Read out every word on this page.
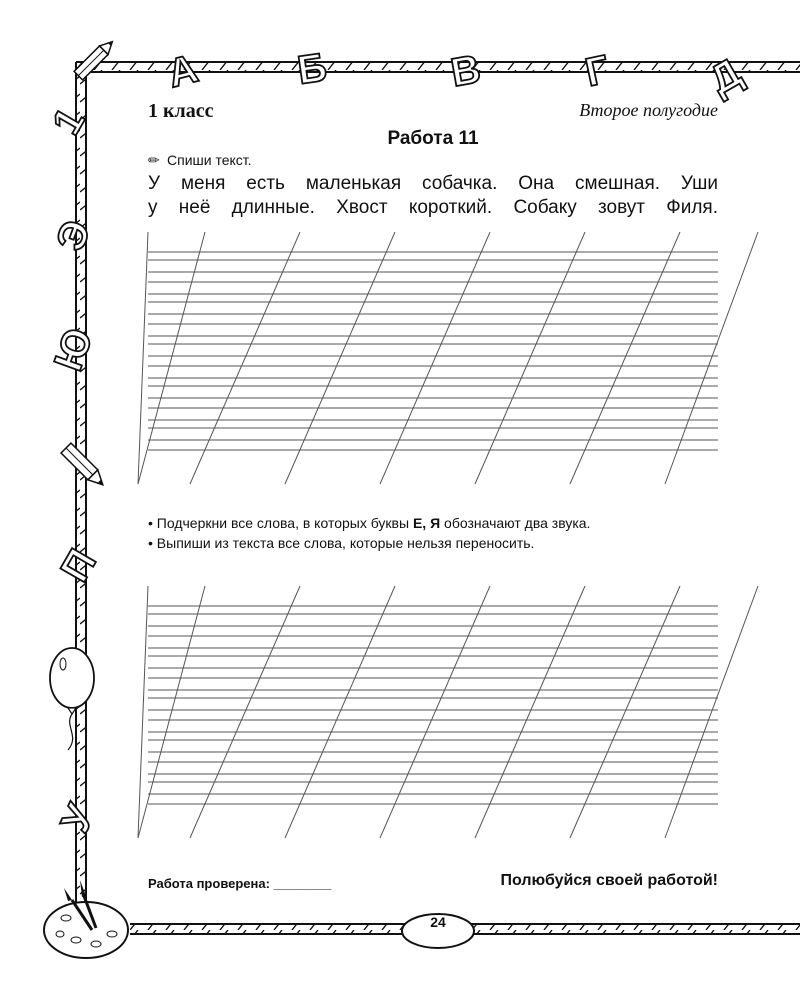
А Б	В Г Д
1
Э
Ю
П
У
1 класс	Второе полугодие
Работа 11
✏ Спиши текст.
У меня есть маленькая собачка. Она смешная. Уши
у неё длинные. Хвост короткий. Собаку зовут Филя.
• Подчеркни все слова, в которых буквы Е, Я обозначают два звука.
• Выпиши из текста все слова, которые нельзя переносить.
Работа проверена: ________	Полюбуйся своей работой!
24
